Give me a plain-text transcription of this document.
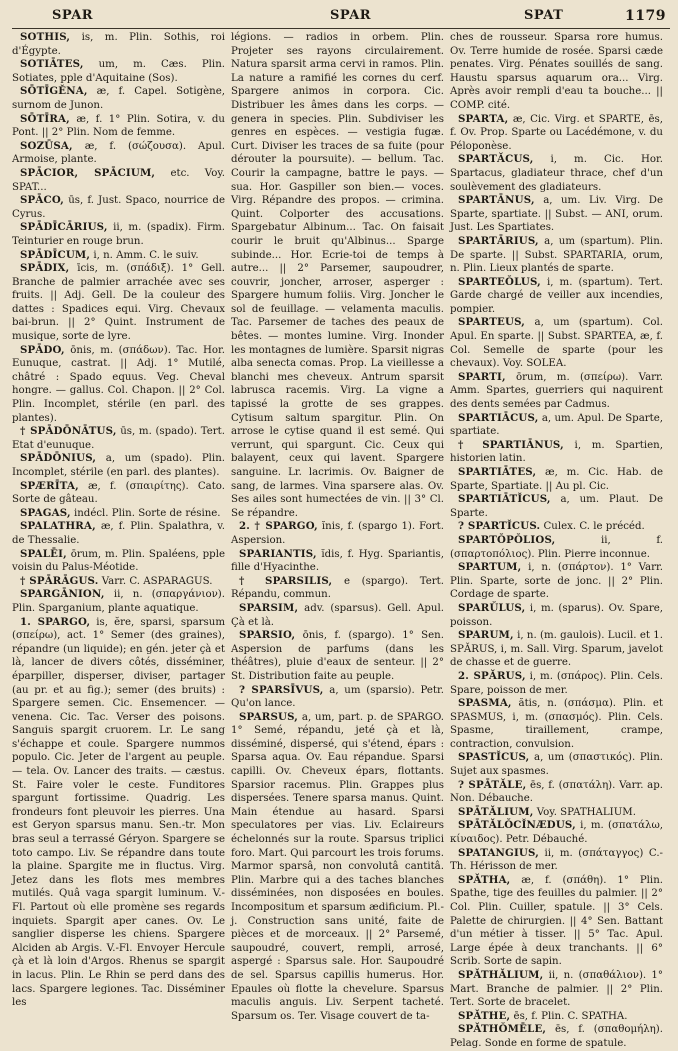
SPAR	SPAR	SPAT	1179

SOTHIS, is, m. Plin. Sothis, roi d'Égypte.

SOTIĀTES, um, m. Cæs. Plin. Sotiates, pple d'Aquitaine (Sos).

SŌTĪGĔNA, æ, f. Capel. Sotigène, surnom de Junon.

SŌTĪRA, æ, f. 1° Plin. Sotira, v. du Pont. || 2° Plin. Nom de femme.

SOZŪSA, æ, f. (σώζουσα). Apul. Armoise, plante.

SPĀCIOR, SPĀCIUM, etc. Voy. SPAT...

SPĀCO, ūs, f. Just. Spaco, nourrice de Cyrus.

SPĀDĪCĀRIUS, ii, m. (spadix). Firm. Teinturier en rouge brun.

SPĀDĪCUM, i, n. Amm. C. le suiv.

SPĀDIX, īcis, m. (σπάδιξ). 1° Gell. Branche de palmier arrachée avec ses fruits. || Adj. Gell. De la couleur des dattes : Spadices equi. Virg. Chevaux bai-brun. || 2° Quint. Instrument de musique, sorte de lyre.

SPĀDO, ōnis, m. (σπάδων). Tac. Hor. Eunuque, castrat. || Adj. 1° Mutilé, châtré : Spado equus. Veg. Cheval hongre. — gallus. Col. Chapon. || 2° Col. Plin. Incomplet, stérile (en parl. des plantes).

† SPĀDŌNĀTUS, ūs, m. (spado). Tert. Etat d'eunuque.

SPĀDŌNIUS, a, um (spado). Plin. Incomplet, stérile (en parl. des plantes).

SPÆRĪTA, æ, f. (σπαιρίτης). Cato. Sorte de gâteau.

SPAGAS, indécl. Plin. Sorte de résine.

SPALATHRA, æ, f. Plin. Spalathra, v. de Thessalie.

SPALĒI, ōrum, m. Plin. Spaléens, pple voisin du Palus-Méotide.

† SPĀRĀGUS. Varr. C. ASPARAGUS.

SPARGĀNION, ii, n. (σπαργάνιον). Plin. Sparganium, plante aquatique.

1. SPARGO, is, ĕre, sparsi, sparsum (σπείρω), act. 1° Semer (des graines), répandre (un liquide); en gén. jeter çà et là, lancer de divers côtés, disséminer, éparpiller, disperser, diviser, partager (au pr. et au fig.); semer (des bruits) : Spargere semen. Cic. Ensemencer. — venena. Cic. Tac. Verser des poisons. Sanguis spargit cruorem. Lr. Le sang s'échappe et coule. Spargere nummos populo. Cic. Jeter de l'argent au peuple. — tela. Ov. Lancer des traits. — cæstus. St. Faire voler le ceste. Funditores spargunt fortissime. Quadrig. Les frondeurs font pleuvoir les pierres. Una est Geryon sparsus manu. Sen.-tr. Mon bras seul a terrassé Géryon. Spargere se toto campo. Liv. Se répandre dans toute la plaine. Spargite me in fluctus. Virg. Jetez dans les flots mes membres mutilés. Quâ vaga spargit luminum. V.-Fl. Partout où elle promène ses regards inquiets. Spargit aper canes. Ov. Le sanglier disperse les chiens. Spargere Alciden ab Argis. V.-Fl. Envoyer Hercule çà et là loin d'Argos. Rhenus se spargit in lacus. Plin. Le Rhin se perd dans des lacs. Spargere legiones. Tac. Disséminer les

légions. — radios in orbem. Plin. Projeter ses rayons circulairement. Natura sparsit arma cervi in ramos. Plin. La nature a ramifié les cornes du cerf. Spargere animos in corpora. Cic. Distribuer les âmes dans les corps. — genera in species. Plin. Subdiviser les genres en espèces. — vestigia fugæ. Curt. Diviser les traces de sa fuite (pour dérouter la poursuite). — bellum. Tac. Courir la campagne, battre le pays. — sua. Hor. Gaspiller son bien.— voces. Virg. Répandre des propos. — crimina. Quint. Colporter des accusations. Spargebatur Albinum... Tac. On faisait courir le bruit qu'Albinus... Sparge subinde... Hor. Ecrie-toi de temps à autre... || 2° Parsemer, saupoudrer, couvrir, joncher, arroser, asperger : Spargere humum foliis. Virg. Joncher le sol de feuillage. — velamenta maculis. Tac. Parsemer de taches des peaux de bêtes. — montes lumine. Virg. Inonder les montagnes de lumière. Sparsit nigras alba senecta comas. Prop. La vieillesse a blanchi mes cheveux. Antrum sparsit labrusca racemis. Virg. La vigne a tapissé la grotte de ses grappes. Cytisum saltum spargitur. Plin. On arrose le cytise quand il est semé. Qui verrunt, qui spargunt. Cic. Ceux qui balayent, ceux qui lavent. Spargere sanguine. Lr. lacrimis. Ov. Baigner de sang, de larmes. Vina sparsere alas. Ov. Ses ailes sont humectées de vin. || 3° Cl. Se répandre.

2. † SPARGO, ĭnis, f. (spargo 1). Fort. Aspersion.

SPARIANTIS, ĭdis, f. Hyg. Spariantis, fille d'Hyacinthe.

† SPARSILIS, e (spargo). Tert. Répandu, commun.

SPARSIM, adv. (sparsus). Gell. Apul. Çà et là.

SPARSIO, ōnis, f. (spargo). 1° Sen. Aspersion de parfums (dans les théâtres), pluie d'eaux de senteur. || 2° St. Distribution faite au peuple.

? SPARSĪVUS, a, um (sparsio). Petr. Qu'on lance.

SPARSUS, a, um, part. p. de SPARGO. 1° Semé, répandu, jeté çà et là, disséminé, dispersé, qui s'étend, épars : Sparsa aqua. Ov. Eau répandue. Sparsi capilli. Ov. Cheveux épars, flottants. Sparsior racemus. Plin. Grappes plus dispersées. Tenere sparsa manus. Quint. Main étendue au hasard. Sparsi speculatores per vias. Liv. Eclaireurs échelonnés sur la route. Sparsus triplici foro. Mart. Qui parcourt les trois forums. Marmor sparsâ, non convolutâ cantitâ. Plin. Marbre qui a des taches blanches disséminées, non disposées en boules. Incompositum et sparsum ædificium. Pl.-j. Construction sans unité, faite de pièces et de morceaux. || 2° Parsemé, saupoudré, couvert, rempli, arrosé, aspergé : Sparsus sale. Hor. Saupoudré de sel. Sparsus capillis humerus. Hor. Epaules où flotte la chevelure. Sparsus maculis anguis. Liv. Serpent tacheté. Sparsum os. Ter. Visage couvert de ta-

ches de rousseur. Sparsa rore humus. Ov. Terre humide de rosée. Sparsi cæde penates. Virg. Pénates souillés de sang. Haustu sparsus aquarum ora... Virg. Après avoir rempli d'eau ta bouche... || COMP. cité.

SPARTA, æ, Cic. Virg. et SPARTE, ēs, f. Ov. Prop. Sparte ou Lacédémone, v. du Péloponèse.

SPARTĂCUS, i, m. Cic. Hor. Spartacus, gladiateur thrace, chef d'un soulèvement des gladiateurs.

SPARTĀNUS, a, um. Liv. Virg. De Sparte, spartiate. || Subst. — ANI, orum. Just. Les Spartiates.

SPARTĀRIUS, a, um (spartum). Plin. De sparte. || Subst. SPARTARIA, orum, n. Plin. Lieux plantés de sparte.

SPARTEŎLUS, i, m. (spartum). Tert. Garde chargé de veiller aux incendies, pompier.

SPARTEUS, a, um (spartum). Col. Apul. En sparte. || Subst. SPARTEA, æ, f. Col. Semelle de sparte (pour les chevaux). Voy. SOLEA.

SPARTI, ōrum, m. (σπείρω). Varr. Amm. Spartes, guerriers qui naquirent des dents semées par Cadmus.

SPARTIĀCUS, a, um. Apul. De Sparte, spartiate.

† SPARTIĀNUS, i, m. Spartien, historien latin.

SPARTIĀTES, æ, m. Cic. Hab. de Sparte, Spartiate. || Au pl. Cic.

SPARTIĀTĬCUS, a, um. Plaut. De Sparte.

? SPARTĬCUS. Culex. C. le précéd.

SPARTŎPŎLIOS, ii, f. (σπαρτοπόλιος). Plin. Pierre inconnue.

SPARTUM, i, n. (σπάρτον). 1° Varr. Plin. Sparte, sorte de jonc. || 2° Plin. Cordage de sparte.

SPARŬLUS, i, m. (sparus). Ov. Spare, poisson.

SPARUM, i, n. (m. gaulois). Lucil. et 1. SPĂRUS, i, m. Sall. Virg. Sparum, javelot de chasse et de guerre.

2. SPĂRUS, i, m. (σπάρος). Plin. Cels. Spare, poisson de mer.

SPASMA, ătis, n. (σπάσμα). Plin. et SPASMUS, i, m. (σπασμός). Plin. Cels. Spasme, tiraillement, crampe, contraction, convulsion.

SPASTĬCUS, a, um (σπαστικός). Plin. Sujet aux spasmes.

? SPĀTĂLE, ēs, f. (σπατάλη). Varr. ap. Non. Débauche.

SPĀTĂLIUM, Voy. SPATHALIUM.

SPĀTĂLŎCĬNÆDUS, i, m. (σπατάλω, κίναιδος). Petr. Débauché.

SPATANGIUS, ii, m. (σπάταγγος) C.-Th. Hérisson de mer.

SPĂTHA, æ, f. (σπάθη). 1° Plin. Spathe, tige des feuilles du palmier. || 2° Col. Plin. Cuiller, spatule. || 3° Cels. Palette de chirurgien. || 4° Sen. Battant d'un métier à tisser. || 5° Tac. Apul. Large épée à deux tranchants. || 6° Scrib. Sorte de sapin.

SPĂTHĂLIUM, ii, n. (σπαθάλιον). 1° Mart. Branche de palmier. || 2° Plin. Tert. Sorte de bracelet.

SPĂTHE, ēs, f. Plin. C. SPATHA.

SPĂTHŎMĒLE, ēs, f. (σπαθομήλη). Pelag. Sonde en forme de spatule.
